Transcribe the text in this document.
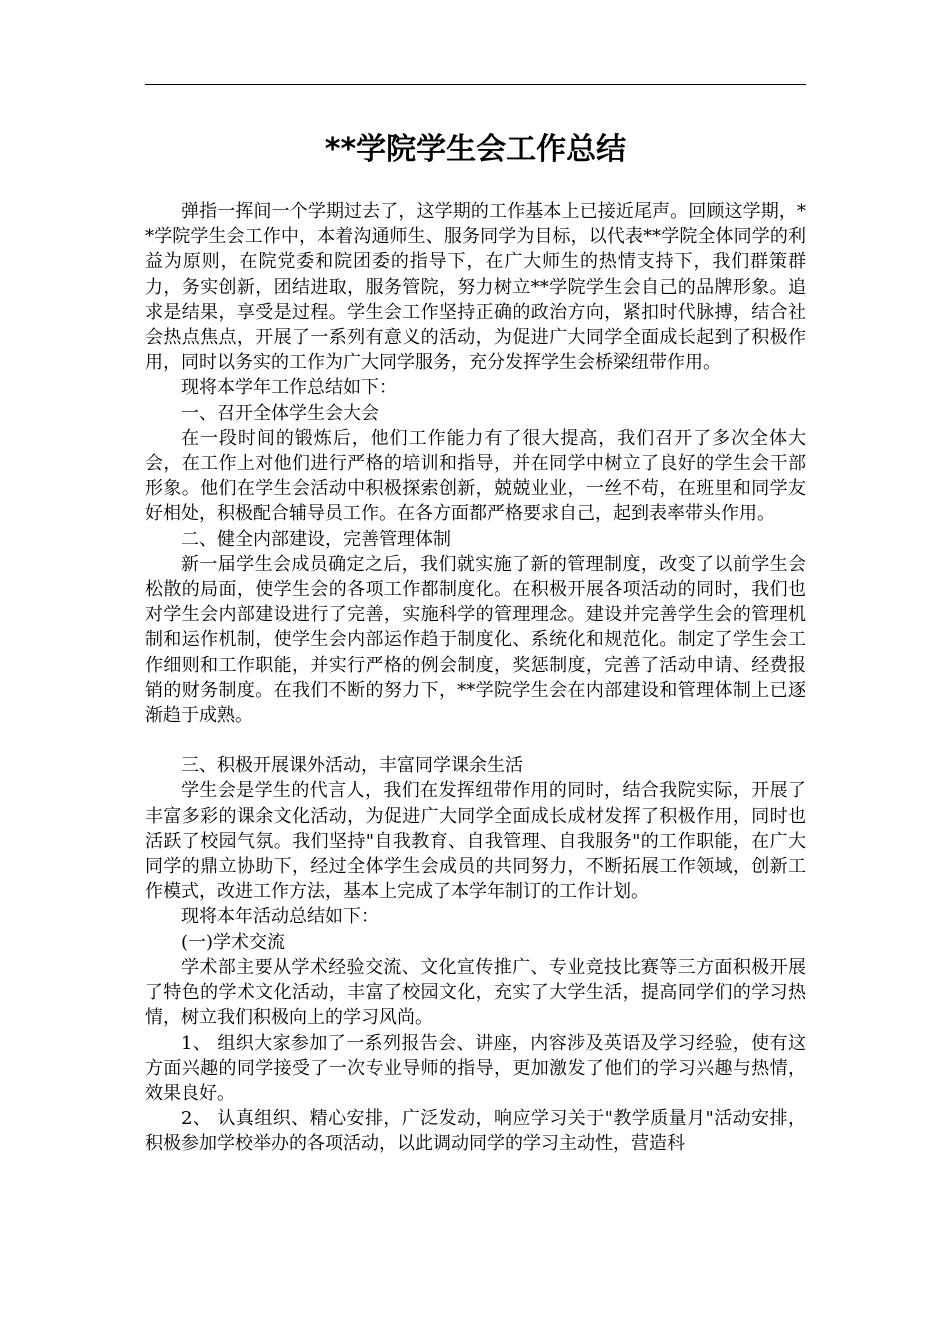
**学院学生会工作总结

弹指一挥间一个学期过去了，这学期的工作基本上已接近尾声。回顾这学期，**学院学生会工作中，本着沟通师生、服务同学为目标，以代表**学院全体同学的利益为原则，在院党委和院团委的指导下，在广大师生的热情支持下，我们群策群力，务实创新，团结进取，服务管院，努力树立**学院学生会自己的品牌形象。追求是结果，享受是过程。学生会工作坚持正确的政治方向，紧扣时代脉搏，结合社会热点焦点，开展了一系列有意义的活动，为促进广大同学全面成长起到了积极作用，同时以务实的工作为广大同学服务，充分发挥学生会桥梁纽带作用。

现将本学年工作总结如下：

一、召开全体学生会大会

在一段时间的锻炼后，他们工作能力有了很大提高，我们召开了多次全体大会，在工作上对他们进行严格的培训和指导，并在同学中树立了良好的学生会干部形象。他们在学生会活动中积极探索创新，兢兢业业，一丝不苟，在班里和同学友好相处，积极配合辅导员工作。在各方面都严格要求自己，起到表率带头作用。

二、健全内部建设，完善管理体制

新一届学生会成员确定之后，我们就实施了新的管理制度，改变了以前学生会松散的局面，使学生会的各项工作都制度化。在积极开展各项活动的同时，我们也对学生会内部建设进行了完善，实施科学的管理理念。建设并完善学生会的管理机制和运作机制，使学生会内部运作趋于制度化、系统化和规范化。制定了学生会工作细则和工作职能，并实行严格的例会制度，奖惩制度，完善了活动申请、经费报销的财务制度。在我们不断的努力下，**学院学生会在内部建设和管理体制上已逐渐趋于成熟。

三、积极开展课外活动，丰富同学课余生活

学生会是学生的代言人，我们在发挥纽带作用的同时，结合我院实际，开展了丰富多彩的课余文化活动，为促进广大同学全面成长成材发挥了积极作用，同时也活跃了校园气氛。我们坚持"自我教育、自我管理、自我服务"的工作职能，在广大同学的鼎立协助下，经过全体学生会成员的共同努力，不断拓展工作领域，创新工作模式，改进工作方法，基本上完成了本学年制订的工作计划。

现将本年活动总结如下：

(一)学术交流

学术部主要从学术经验交流、文化宣传推广、专业竞技比赛等三方面积极开展了特色的学术文化活动，丰富了校园文化，充实了大学生活，提高同学们的学习热情，树立我们积极向上的学习风尚。

1、 组织大家参加了一系列报告会、讲座，内容涉及英语及学习经验，使有这方面兴趣的同学接受了一次专业导师的指导，更加激发了他们的学习兴趣与热情，效果良好。

2、 认真组织、精心安排，广泛发动，响应学习关于"教学质量月"活动安排，积极参加学校举办的各项活动，以此调动同学的学习主动性，营造科
